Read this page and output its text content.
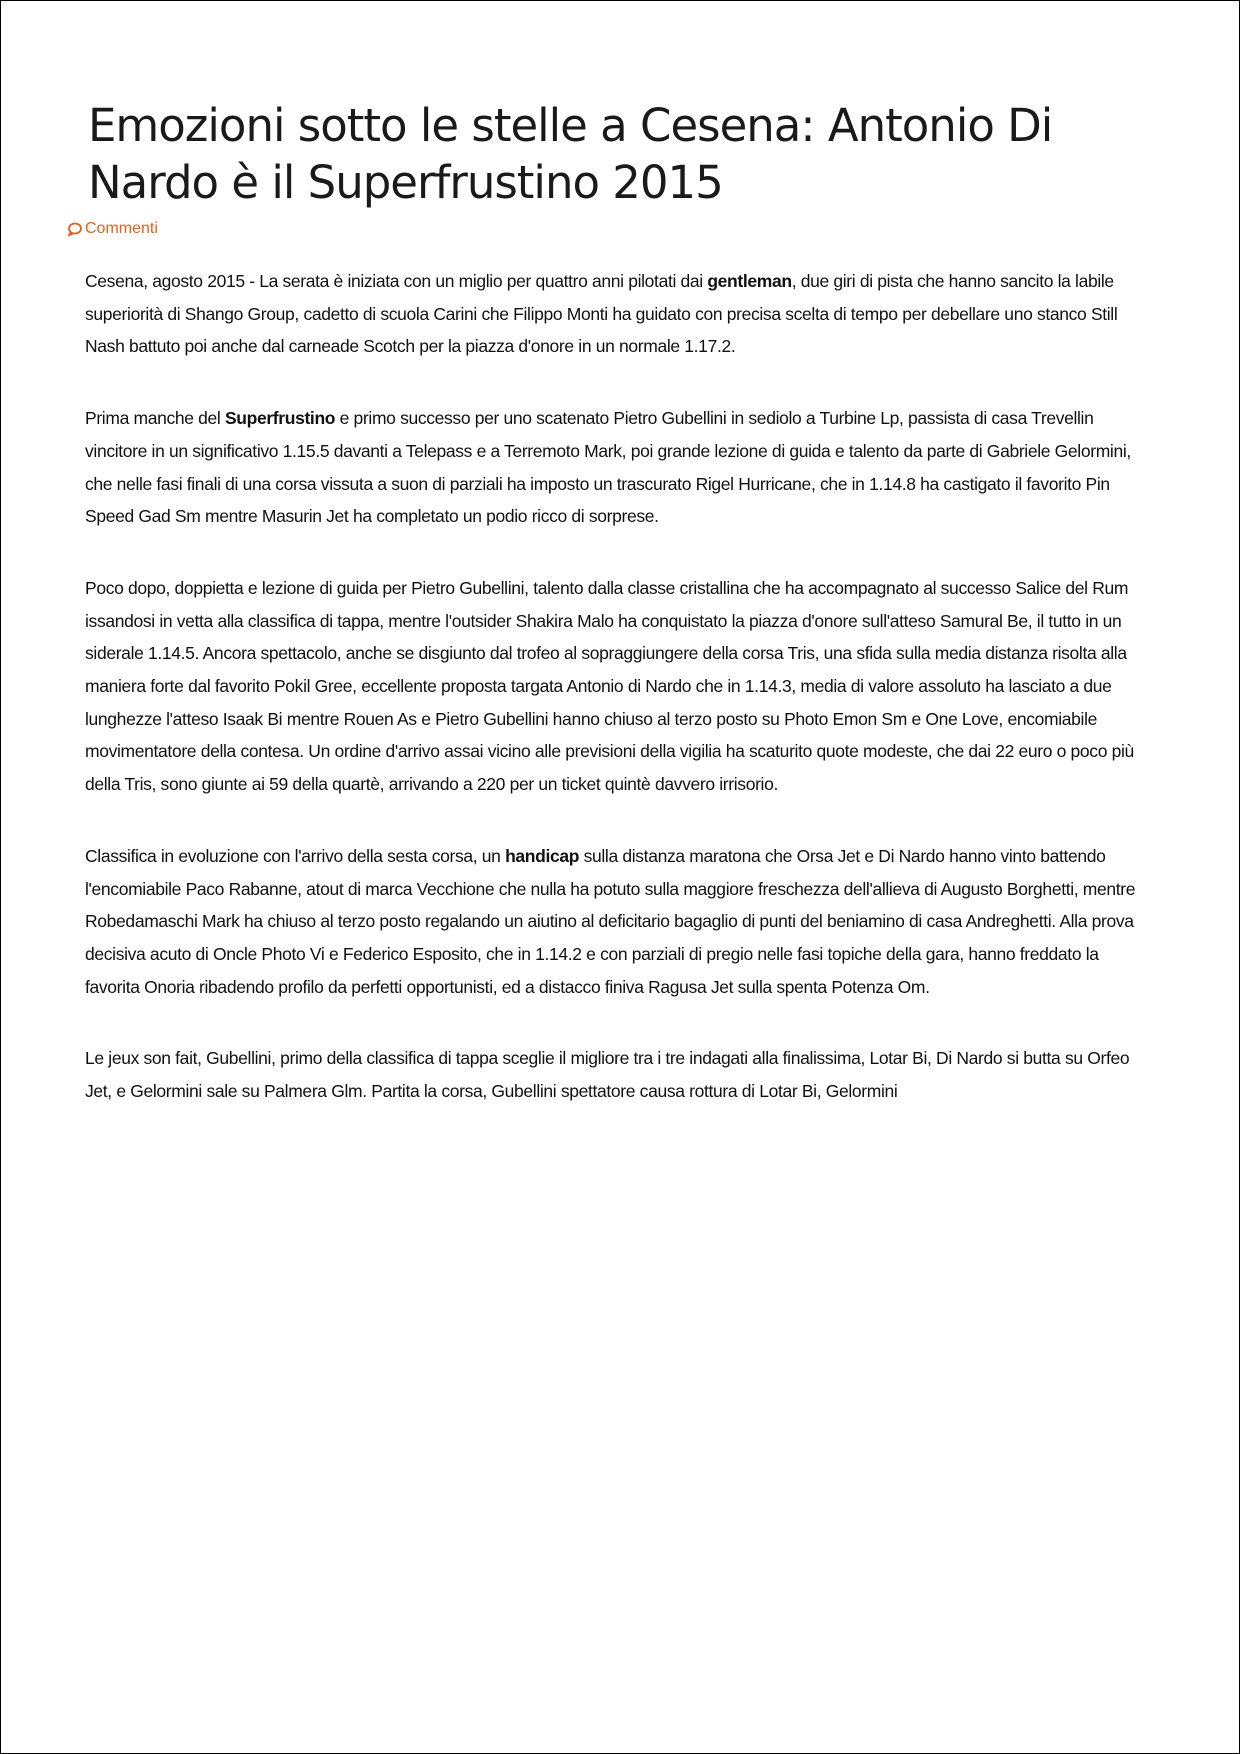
Emozioni sotto le stelle a Cesena: Antonio Di Nardo è il Superfrustino 2015
Commenti

Cesena, agosto 2015 - La serata è iniziata con un miglio per quattro anni pilotati dai gentleman, due giri di pista che hanno sancito la labile superiorità di Shango Group, cadetto di scuola Carini che Filippo Monti ha guidato con precisa scelta di tempo per debellare uno stanco Still Nash battuto poi anche dal carneade Scotch per la piazza d'onore in un normale 1.17.2.

Prima manche del Superfrustino e primo successo per uno scatenato Pietro Gubellini in sediolo a Turbine Lp, passista di casa Trevellin vincitore in un significativo 1.15.5 davanti a Telepass e a Terremoto Mark, poi grande lezione di guida e talento da parte di Gabriele Gelormini, che nelle fasi finali di una corsa vissuta a suon di parziali ha imposto un trascurato Rigel Hurricane, che in 1.14.8 ha castigato il favorito Pin Speed Gad Sm mentre Masurin Jet ha completato un podio ricco di sorprese.

Poco dopo, doppietta e lezione di guida per Pietro Gubellini, talento dalla classe cristallina che ha accompagnato al successo Salice del Rum issandosi in vetta alla classifica di tappa, mentre l'outsider Shakira Malo ha conquistato la piazza d'onore sull'atteso Samural Be, il tutto in un siderale 1.14.5. Ancora spettacolo, anche se disgiunto dal trofeo al sopraggiungere della corsa Tris, una sfida sulla media distanza risolta alla maniera forte dal favorito Pokil Gree, eccellente proposta targata Antonio di Nardo che in 1.14.3, media di valore assoluto ha lasciato a due lunghezze l'atteso Isaak Bi mentre Rouen As e Pietro Gubellini hanno chiuso al terzo posto su Photo Emon Sm e One Love, encomiabile movimentatore della contesa. Un ordine d'arrivo assai vicino alle previsioni della vigilia ha scaturito quote modeste, che dai 22 euro o poco più della Tris, sono giunte ai 59 della quartè, arrivando a 220 per un ticket quintè davvero irrisorio.

Classifica in evoluzione con l'arrivo della sesta corsa, un handicap sulla distanza maratona che Orsa Jet e Di Nardo hanno vinto battendo l'encomiabile Paco Rabanne, atout di marca Vecchione che nulla ha potuto sulla maggiore freschezza dell'allieva di Augusto Borghetti, mentre Robedamaschi Mark ha chiuso al terzo posto regalando un aiutino al deficitario bagaglio di punti del beniamino di casa Andreghetti. Alla prova decisiva acuto di Oncle Photo Vi e Federico Esposito, che in 1.14.2 e con parziali di pregio nelle fasi topiche della gara, hanno freddato la favorita Onoria ribadendo profilo da perfetti opportunisti, ed a distacco finiva Ragusa Jet sulla spenta Potenza Om.

Le jeux son fait, Gubellini, primo della classifica di tappa sceglie il migliore tra i tre indagati alla finalissima, Lotar Bi, Di Nardo si butta su Orfeo Jet, e Gelormini sale su Palmera Glm. Partita la corsa, Gubellini spettatore causa rottura di Lotar Bi, Gelormini
